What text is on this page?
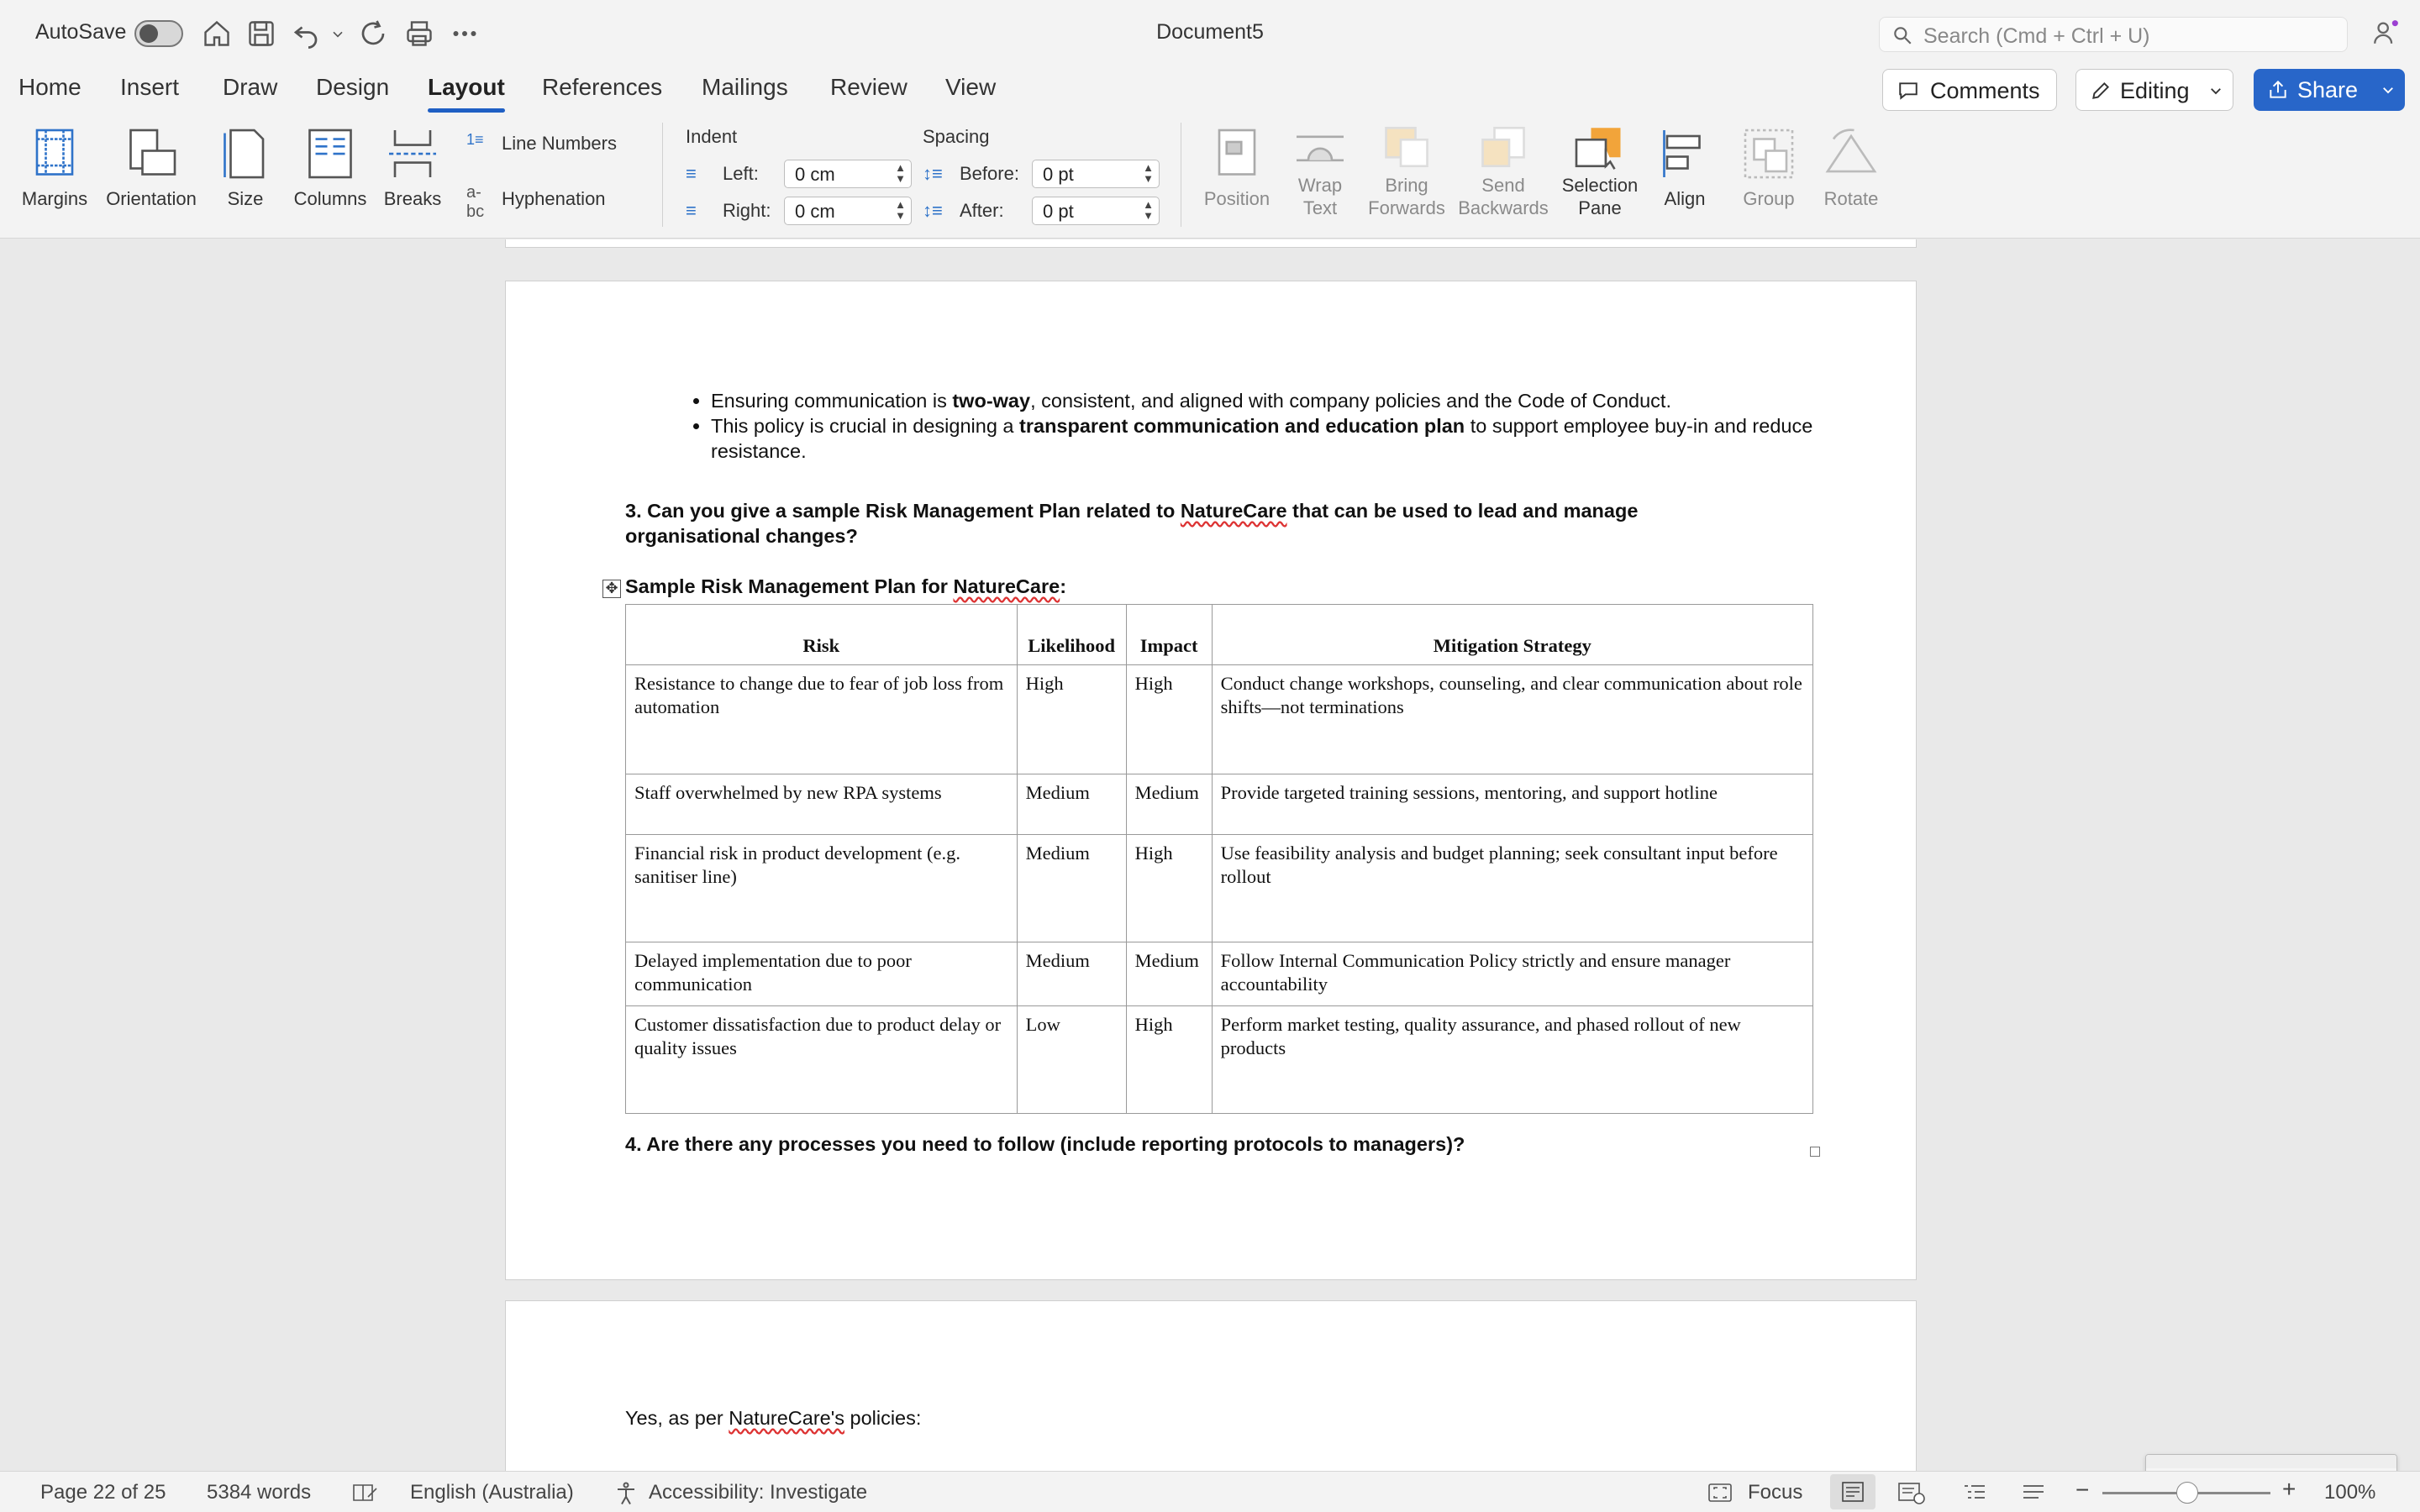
AutoSave	Document5	Search (Cmd + Ctrl + U)
Home Insert Draw Design Layout References Mailings Review View	Comments	Editing	Share
Margins Orientation	Size	Columns Breaks
1≡ Line Numbers
a-bc
Hyphenation
Indent
≡ Left:	0 cm	▲
▼
≡ Right:	0 cm	▲
▼
Spacing
↕≡ Before:	0 pt	▲
▼
↕≡ After:	0 pt	▲
▼
Position
Wrap
Text
Bring
Forwards
Send
Backwards
Selection
Pane	Align	Group	Rotate
• Ensuring communication is two-way, consistent, and aligned with company policies and the Code of Conduct.
• This policy is crucial in designing a transparent communication and education plan to support employee buy-in and reduce resistance.
3. Can you give a sample Risk Management Plan related to NatureCare that can be used to lead and manage organisational changes?
✥ Sample Risk Management Plan for NatureCare:
Risk	Likelihood	Impact	Mitigation Strategy
Resistance to change due to fear of job loss from automation	High	High	Conduct change workshops, counseling, and clear communication about role shifts—not terminations
Staff overwhelmed by new RPA systems	Medium	Medium	Provide targeted training sessions, mentoring, and support hotline
Financial risk in product development (e.g. sanitiser line)	Medium	High	Use feasibility analysis and budget planning; seek consultant input before rollout
Delayed implementation due to poor communication	Medium	Medium	Follow Internal Communication Policy strictly and ensure manager accountability
Customer dissatisfaction due to product delay or quality issues	Low	High	Perform market testing, quality assurance, and phased rollout of new products
4. Are there any processes you need to follow (include reporting protocols to managers)?
Yes, as per NatureCare's policies:
Page 22 of 25 5384 words	English (Australia)	Accessibility: Investigate	Focus	−	+ 100%
